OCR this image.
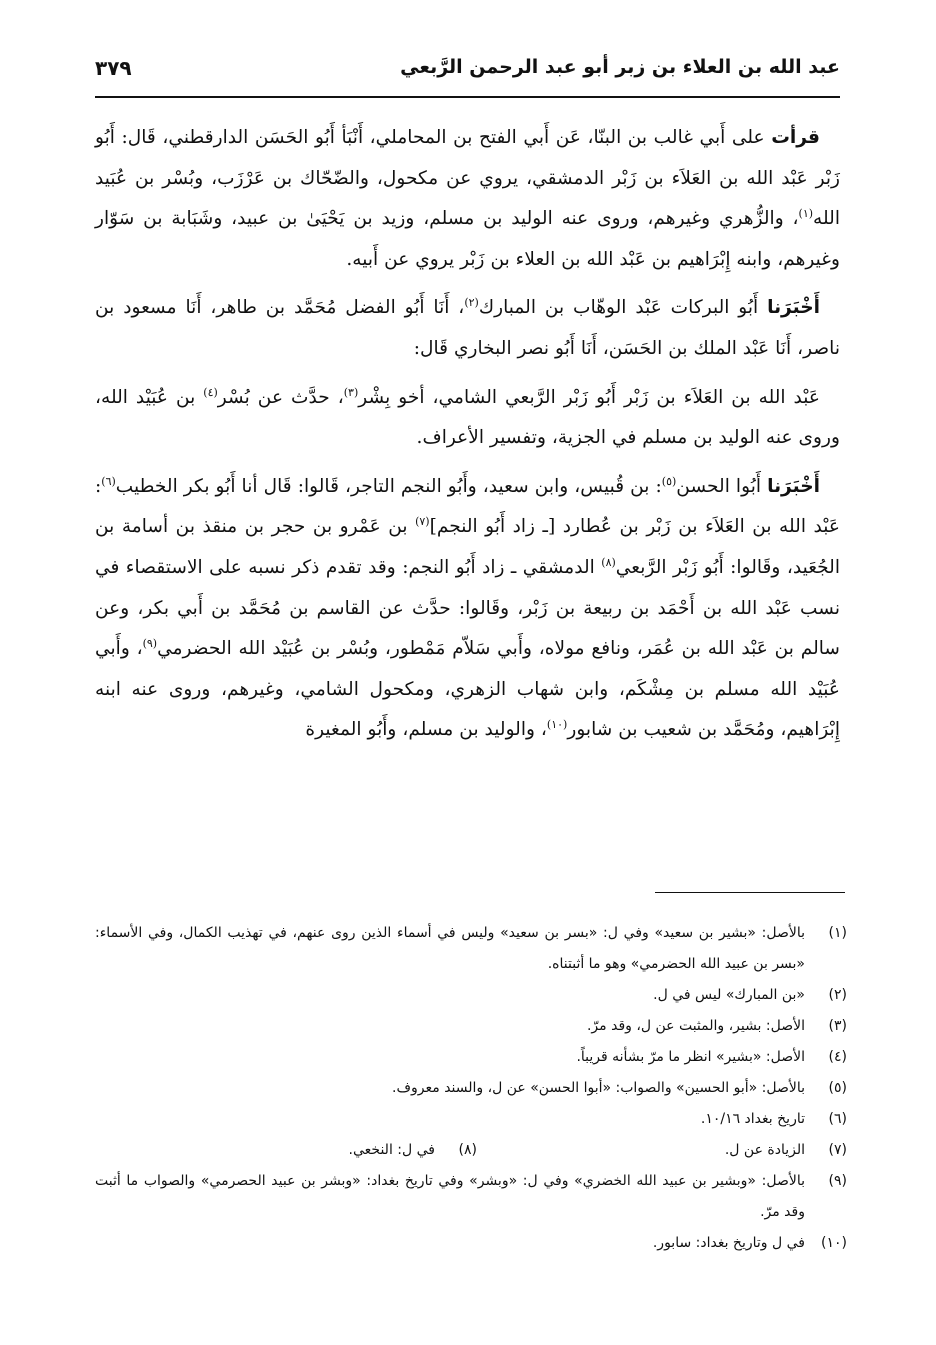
عبد الله بن العلاء بن زبر أبو عبد الرحمن الرَّبعي
٣٧٩

قرأت على أَبي غالب بن البنّا، عَن أَبي الفتح بن المحاملي، أَنْبَأ أَبُو الحَسَن الدارقطني، قَال: أَبُو زَبْر عَبْد الله بن العَلاَء بن زَبْر الدمشقي، يروي عن مكحول، والضّحّاك بن عَرْزَب، وبُسْر بن عُبَيد الله$^{(١)}$، والزُّهري وغيرهم، وروى عنه الوليد بن مسلم، وزيد بن يَحْيَىٰ بن عبيد، وشَبَابة بن سَوّار وغيرهم، وابنه إِبْرَاهيم بن عَبْد الله بن العلاء بن زَبْر يروي عن أَبيه.

أَخْبَرَنا أَبُو البركات عَبْد الوهّاب بن المبارك$^{(٢)}$، أَنَا أَبُو الفضل مُحَمَّد بن طاهر، أَنَا مسعود بن ناصر، أَنَا عَبْد الملك بن الحَسَن، أَنَا أَبُو نصر البخاري قَال:

عَبْد الله بن العَلاَء بن زَبْر أَبُو زَبْر الرَّبعي الشامي، أخو بِشْر$^{(٣)}$، حدَّث عن بُسْر$^{(٤)}$ بن عُبَيْد الله، وروى عنه الوليد بن مسلم في الجزية، وتفسير الأعراف.

أَخْبَرَنا أَبُوا الحسن$^{(٥)}$: بن قُبيس، وابن سعيد، وأَبُو النجم التاجر، قَالوا: قَال أنا أَبُو بكر الخطيب$^{(٦)}$: عَبْد الله بن العَلاَء بن زَبْر بن عُطارد [ـ زاد أَبُو النجم]$^{(٧)}$ بن عَمْرو بن حجر بن منقذ بن أسامة بن الجُعَيد، وقَالوا: أَبُو زَبْر الرَّبعي$^{(٨)}$ الدمشقي ـ زاد أَبُو النجم: وقد تقدم ذكر نسبه على الاستقصاء في نسب عَبْد الله بن أَحْمَد بن ربيعة بن زَبْر، وقَالوا: حدَّث عن القاسم بن مُحَمَّد بن أَبي بكر، وعن سالم بن عَبْد الله بن عُمَر، ونافع مولاه، وأَبي سَلاّم مَمْطور، وبُسْر بن عُبَيْد الله الحضرمي$^{(٩)}$، وأَبي عُبَيْد الله مسلم بن مِشْكَم، وابن شهاب الزهري، ومكحول الشامي، وغيرهم، وروى عنه ابنه إِبْرَاهيم، ومُحَمَّد بن شعيب بن شابور$^{(١٠)}$، والوليد بن مسلم، وأَبُو المغيرة

(١)
بالأصل: «بشير بن سعيد» وفي ل: «بسر بن سعيد» وليس في أسماء الذين روى عنهم، في تهذيب الكمال، وفي الأسماء: «بسر بن عبيد الله الحضرمي» وهو ما أثبتناه.
(٢)
«بن المبارك» ليس في ل.
(٣)
الأصل: بشير، والمثبت عن ل، وقد مرّ.
(٤)
الأصل: «بشير» انظر ما مرّ بشأنه قريباً.
(٥)
بالأصل: «أبو الحسين» والصواب: «أبوا الحسن» عن ل، والسند معروف.
(٦)
تاريخ بغداد ١٠/١٦.
(٧)
الزيادة عن ل.
(٨)
في ل: النخعي.
(٩)
بالأصل: «وبشير بن عبيد الله الخضري» وفي ل: «وبشر» وفي تاريخ بغداد: «وبشر بن عبيد الحصرمي» والصواب ما أثبت وقد مرّ.
(١٠)
في ل وتاريخ بغداد: سابور.
